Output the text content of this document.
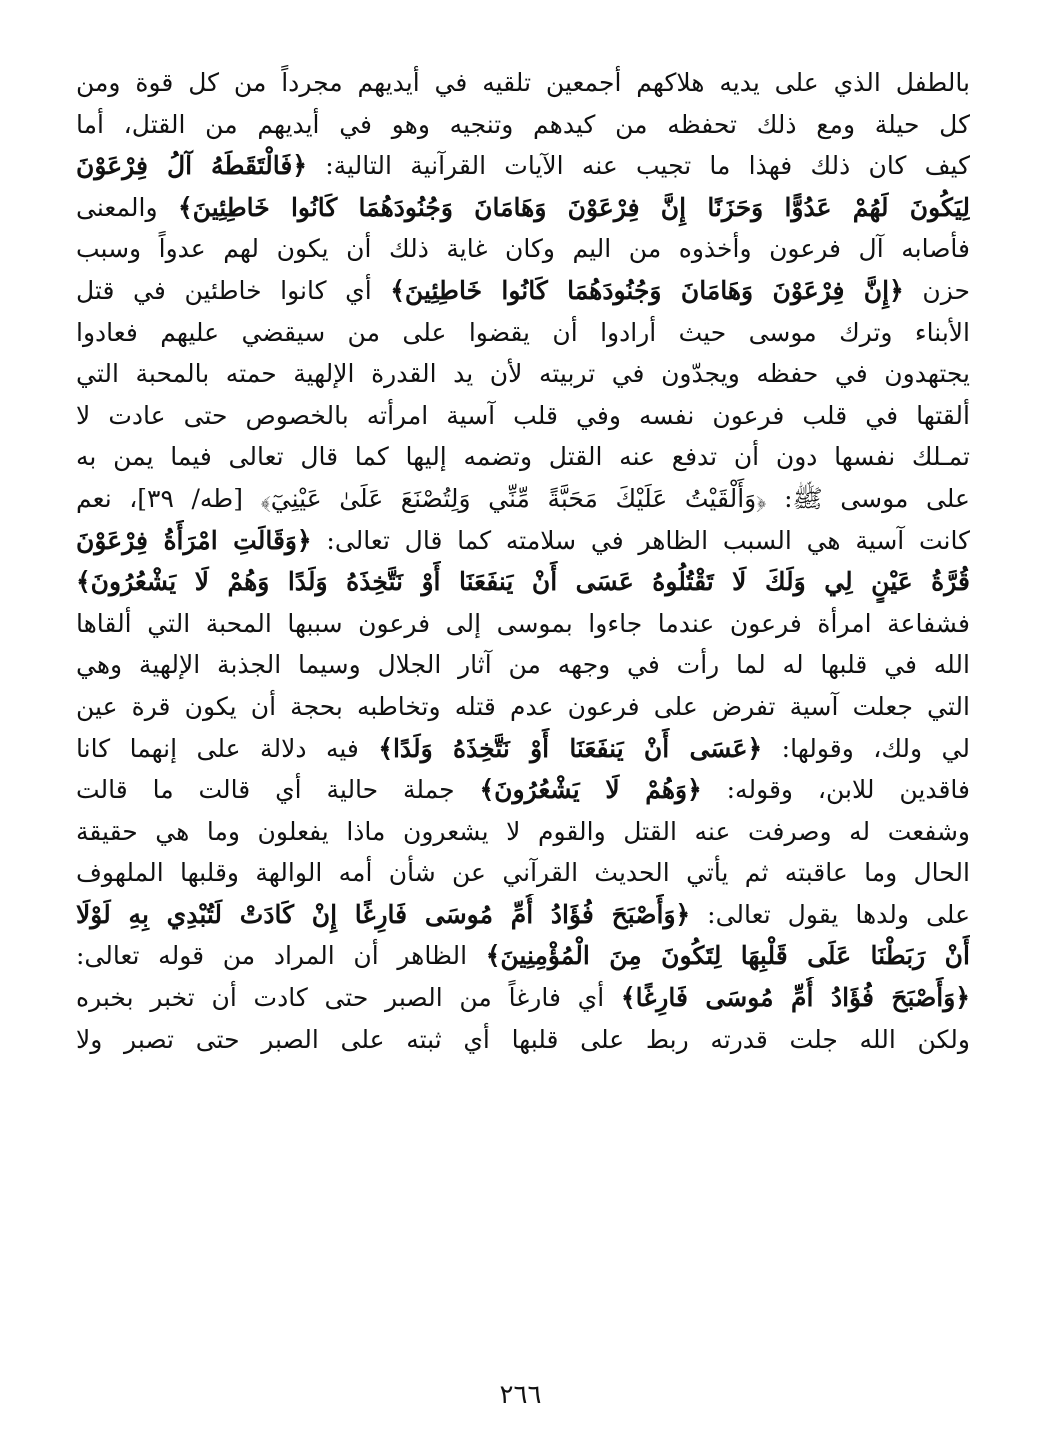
بالطفل الذي على يديه هلاكهم أجمعين تلقيه في أيديهم مجرداً من كل قوة ومن
كل حيلة ومع ذلك تحفظه من كيدهم وتنجيه وهو في أيديهم من القتل، أما
كيف كان ذلك فهذا ما تجيب عنه الآيات القرآنية التالية: ﴿فَالْتَقَطَهُ آلُ فِرْعَوْنَ
لِيَكُونَ لَهُمْ عَدُوًّا وَحَزَنًا إِنَّ فِرْعَوْنَ وَهَامَانَ وَجُنُودَهُمَا كَانُوا خَاطِئِينَ﴾ والمعنى
فأصابه آل فرعون وأخذوه من اليم وكان غاية ذلك أن يكون لهم عدواً وسبب
حزن ﴿إِنَّ فِرْعَوْنَ وَهَامَانَ وَجُنُودَهُمَا كَانُوا خَاطِئِينَ﴾ أي كانوا خاطئين في قتل
الأبناء وترك موسى حيث أرادوا أن يقضوا على من سيقضي عليهم فعادوا
يجتهدون في حفظه ويجدّون في تربيته لأن يد القدرة الإلهية حمته بالمحبة التي
ألقتها في قلب فرعون نفسه وفي قلب آسية امرأته بالخصوص حتى عادت لا
تمـلك نفسها دون أن تدفع عنه القتل وتضمه إليها كما قال تعالى فيما يمن به
على موسى ﷺ: ﴿وَأَلْقَيْتُ عَلَيْكَ مَحَبَّةً مِّنِّي وَلِتُصْنَعَ عَلَىٰ عَيْنِيٓ﴾ [طه/ ٣٩]، نعم
كانت آسية هي السبب الظاهر في سلامته كما قال تعالى: ﴿وَقَالَتِ امْرَأَةُ فِرْعَوْنَ
قُرَّةُ عَيْنٍ لِي وَلَكَ لَا تَقْتُلُوهُ عَسَى أَنْ يَنفَعَنَا أَوْ نَتَّخِذَهُ وَلَدًا وَهُمْ لَا يَشْعُرُونَ﴾
فشفاعة امرأة فرعون عندما جاءوا بموسى إلى فرعون سببها المحبة التي ألقاها
الله في قلبها له لما رأت في وجهه من آثار الجلال وسيما الجذبة الإلهية وهي
التي جعلت آسية تفرض على فرعون عدم قتله وتخاطبه بحجة أن يكون قرة عين
لي ولك، وقولها: ﴿عَسَى أَنْ يَنفَعَنَا أَوْ نَتَّخِذَهُ وَلَدًا﴾ فيه دلالة على إنهما كانا
فاقدين للابن، وقوله: ﴿وَهُمْ لَا يَشْعُرُونَ﴾ جملة حالية أي قالت ما قالت
وشفعت له وصرفت عنه القتل والقوم لا يشعرون ماذا يفعلون وما هي حقيقة
الحال وما عاقبته ثم يأتي الحديث القرآني عن شأن أمه الوالهة وقلبها الملهوف
على ولدها يقول تعالى: ﴿وَأَصْبَحَ فُؤَادُ أُمِّ مُوسَى فَارِغًا إِنْ كَادَتْ لَتُبْدِي بِهِ لَوْلَا
أَنْ رَبَطْنَا عَلَى قَلْبِهَا لِتَكُونَ مِنَ الْمُؤْمِنِينَ﴾ الظاهر أن المراد من قوله تعالى:
﴿وَأَصْبَحَ فُؤَادُ أُمِّ مُوسَى فَارِغًا﴾ أي فارغاً من الصبر حتى كادت أن تخبر بخبره
ولكن الله جلت قدرته ربط على قلبها أي ثبته على الصبر حتى تصبر ولا
٢٦٦
